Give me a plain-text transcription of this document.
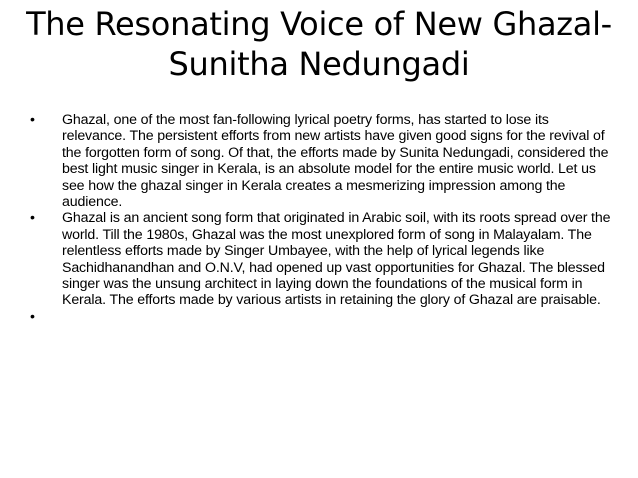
The Resonating Voice of New Ghazal- Sunitha Nedungadi
•	Ghazal, one of the most fan-following lyrical poetry forms, has started to lose its relevance. The persistent efforts from new artists have given good signs for the revival of the forgotten form of song. Of that, the efforts made by Sunita Nedungadi, considered the best light music singer in Kerala, is an absolute model for the entire music world. Let us see how the ghazal singer in Kerala creates a mesmerizing impression among the audience.
•	Ghazal is an ancient song form that originated in Arabic soil, with its roots spread over the world. Till the 1980s, Ghazal was the most unexplored form of song in Malayalam. The relentless efforts made by Singer Umbayee, with the help of lyrical legends like Sachidhanandhan and O.N.V, had opened up vast opportunities for Ghazal. The blessed singer was the unsung architect in laying down the foundations of the musical form in Kerala. The efforts made by various artists in retaining the glory of Ghazal are praisable.
•
